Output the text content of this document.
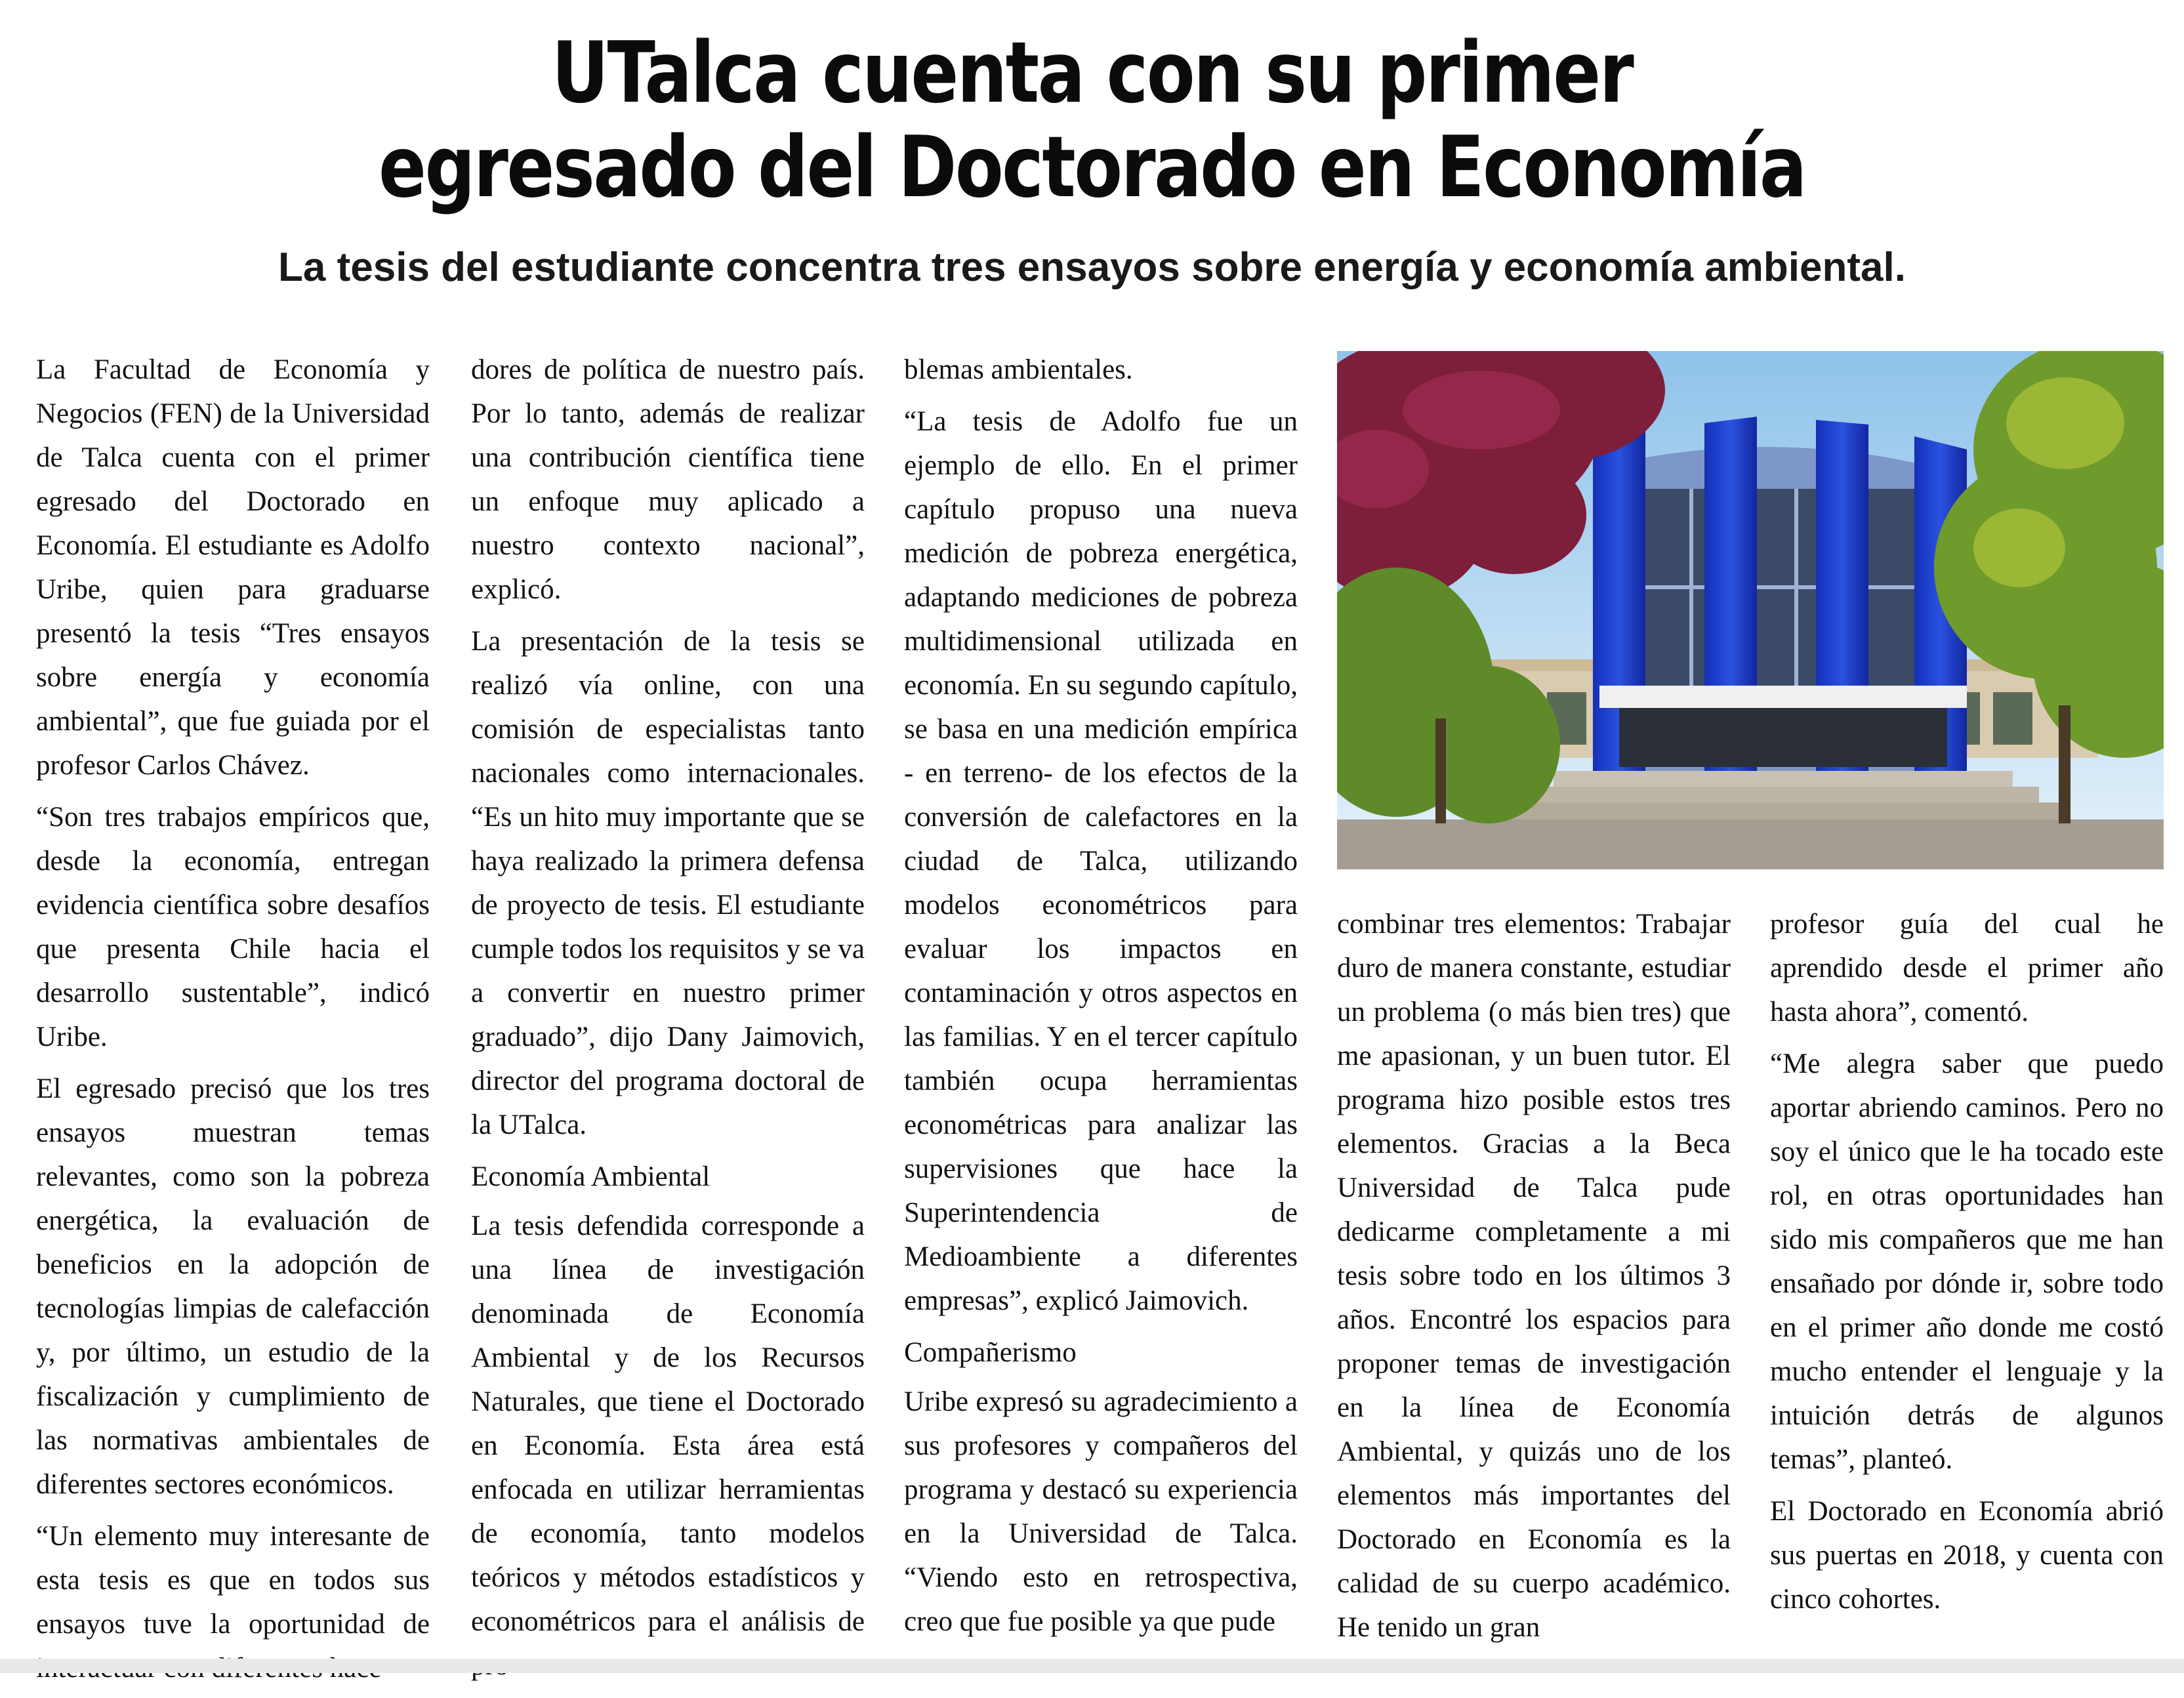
UTalca cuenta con su primer
egresado del Doctorado en Economía
La tesis del estudiante concentra tres ensayos sobre energía y economía ambiental.

La Facultad de Economía y Negocios (FEN) de la Universidad de Talca cuenta con el primer egresado del Doctorado en Economía. El estudiante es Adolfo Uribe, quien para graduarse presentó la tesis “Tres ensayos sobre energía y economía ambiental”, que fue guiada por el profesor Carlos Chávez.

“Son tres trabajos empíricos que, desde la economía, entregan evidencia científica sobre desafíos que presenta Chile hacia el desarrollo sustentable”, indicó Uribe.

El egresado precisó que los tres ensayos muestran temas relevantes, como son la pobreza energética, la evaluación de beneficios en la adopción de tecnologías limpias de calefacción y, por último, un estudio de la fiscalización y cumplimiento de las normativas ambientales de diferentes sectores económicos.

“Un elemento muy interesante de esta tesis es que en todos sus ensayos tuve la oportunidad de

dores de política de nuestro país. Por lo tanto, además de realizar una contribución científica tiene un enfoque muy aplicado a nuestro contexto nacional”, explicó.

La presentación de la tesis se realizó vía online, con una comisión de especialistas tanto nacionales como internacionales. “Es un hito muy importante que se haya realizado la primera defensa de proyecto de tesis. El estudiante cumple todos los requisitos y se va a convertir en nuestro primer graduado”, dijo Dany Jaimovich, director del programa doctoral de la UTalca.

Economía Ambiental

La tesis defendida corresponde a una línea de investigación denominada de Economía Ambiental y de los Recursos Naturales, que tiene el Doctorado en Economía. Esta área está enfocada en utilizar herramientas de economía, tanto modelos teóricos y métodos estadísticos y econométricos para el análisis de

blemas ambientales.

“La tesis de Adolfo fue un ejemplo de ello. En el primer capítulo propuso una nueva medición de pobreza energética, adaptando mediciones de pobreza multidimensional utilizada en economía. En su segundo capítulo, se basa en una medición empírica - en terreno- de los efectos de la conversión de calefactores en la ciudad de Talca, utilizando modelos econométricos para evaluar los impactos en contaminación y otros aspectos en las familias. Y en el tercer capítulo también ocupa herramientas econométricas para analizar las supervisiones que hace la Superintendencia de Medioambiente a diferentes empresas”, explicó Jaimovich.

Compañerismo

Uribe expresó su agradecimiento a sus profesores y compañeros del programa y destacó su experiencia en la Universidad de Talca. “Viendo esto en retrospectiva, creo que fue posible ya que pude

combinar tres elementos: Trabajar duro de manera constante, estudiar un problema (o más bien tres) que me apasionan, y un buen tutor. El programa hizo posible estos tres elementos. Gracias a la Beca Universidad de Talca pude dedicarme completamente a mi tesis sobre todo en los últimos 3 años. Encontré los espacios para proponer temas de investigación en la línea de Economía Ambiental, y quizás uno de los elementos más importantes del Doctorado en Economía es la calidad de su cuerpo académico. He tenido un gran

profesor guía del cual he aprendido desde el primer año hasta ahora”, comentó.

“Me alegra saber que puedo aportar abriendo caminos. Pero no soy el único que le ha tocado este rol, en otras oportunidades han sido mis compañeros que me han ensañado por dónde ir, sobre todo en el primer año donde me costó mucho entender el lenguaje y la intuición detrás de algunos temas”, planteó.

El Doctorado en Economía abrió sus puertas en 2018, y cuenta con cinco cohortes.
